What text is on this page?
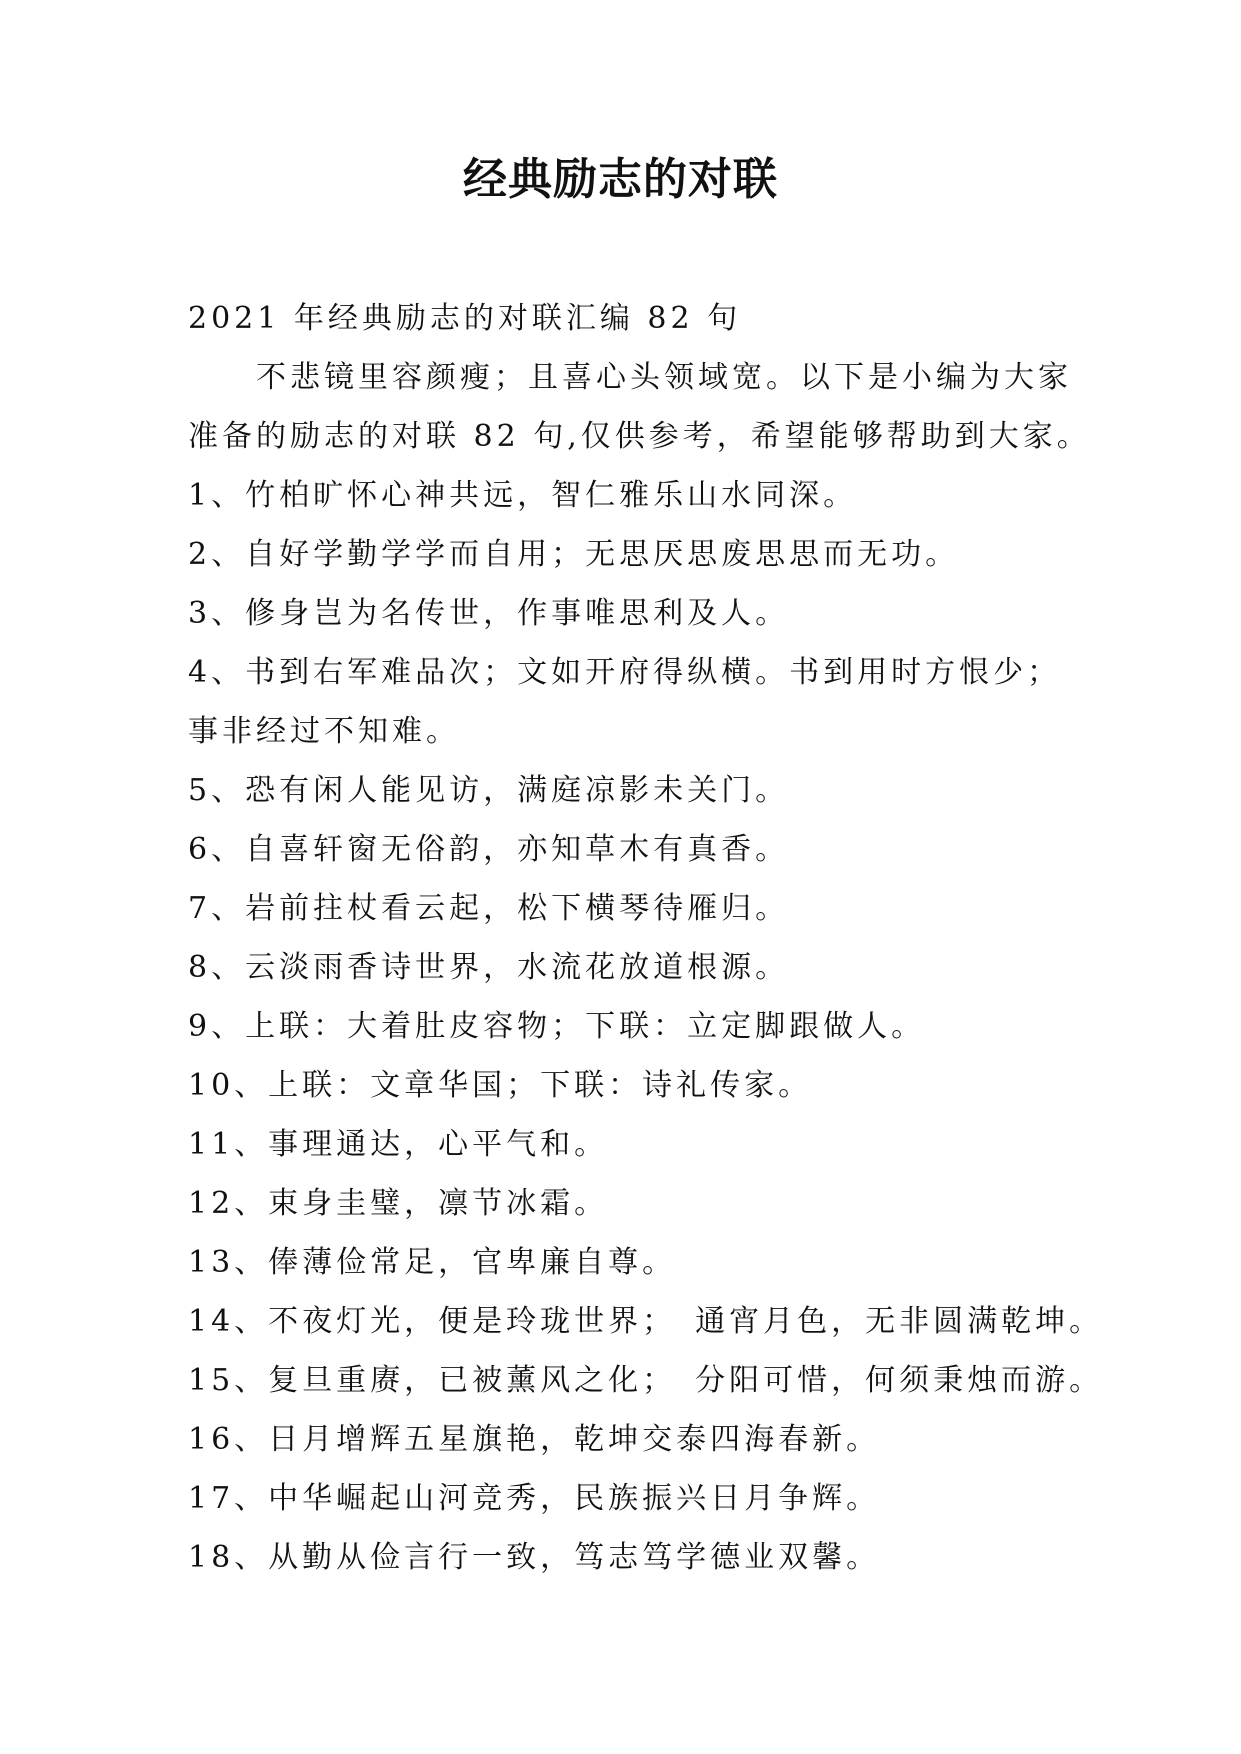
经典励志的对联
2021 年经典励志的对联汇编 82 句
不悲镜里容颜瘦；且喜心头领域宽。以下是小编为大家
准备的励志的对联 82 句,仅供参考，希望能够帮助到大家。
1、竹柏旷怀心神共远，智仁雅乐山水同深。
2、自好学勤学学而自用；无思厌思废思思而无功。
3、修身岂为名传世，作事唯思利及人。
4、书到右军难品次；文如开府得纵横。书到用时方恨少；
事非经过不知难。
5、恐有闲人能见访，满庭凉影未关门。
6、自喜轩窗无俗韵，亦知草木有真香。
7、岩前拄杖看云起，松下横琴待雁归。
8、云淡雨香诗世界，水流花放道根源。
9、上联：大着肚皮容物；下联：立定脚跟做人。
10、上联：文章华国；下联：诗礼传家。
11、事理通达，心平气和。
12、束身圭璧，凛节冰霜。
13、俸薄俭常足，官卑廉自尊。
14、不夜灯光，便是玲珑世界；　通宵月色，无非圆满乾坤。
15、复旦重赓，已被薰风之化；　分阳可惜，何须秉烛而游。
16、日月增辉五星旗艳，乾坤交泰四海春新。
17、中华崛起山河竞秀，民族振兴日月争辉。
18、从勤从俭言行一致，笃志笃学德业双馨。
